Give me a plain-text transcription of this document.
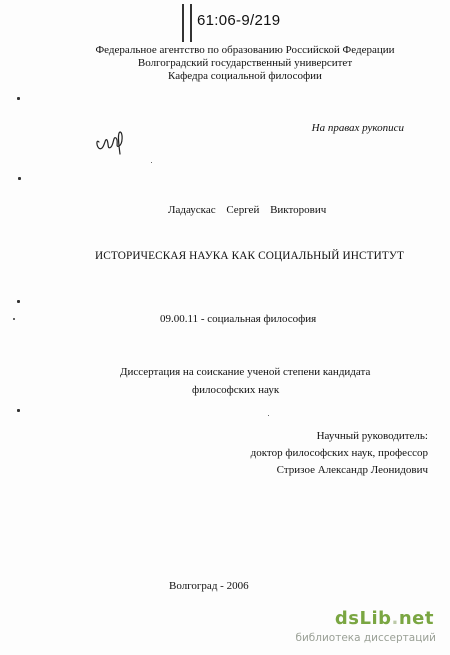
61:06-9/219
Федеральное агентство по образованию Российской Федерации
Волгоградский государственный университет
Кафедра социальной философии
На правах рукописи
Ладаускас Сергей Викторович
ИСТОРИЧЕСКАЯ НАУКА КАК СОЦИАЛЬНЫЙ ИНСТИТУТ
09.00.11 - социальная философия
Диссертация на соискание ученой степени кандидата
философских наук
Научный руководитель:
доктор философских наук, профессор
Стризое Александр Леонидович
Волгоград - 2006
dsLib.net
библиотека диссертаций
